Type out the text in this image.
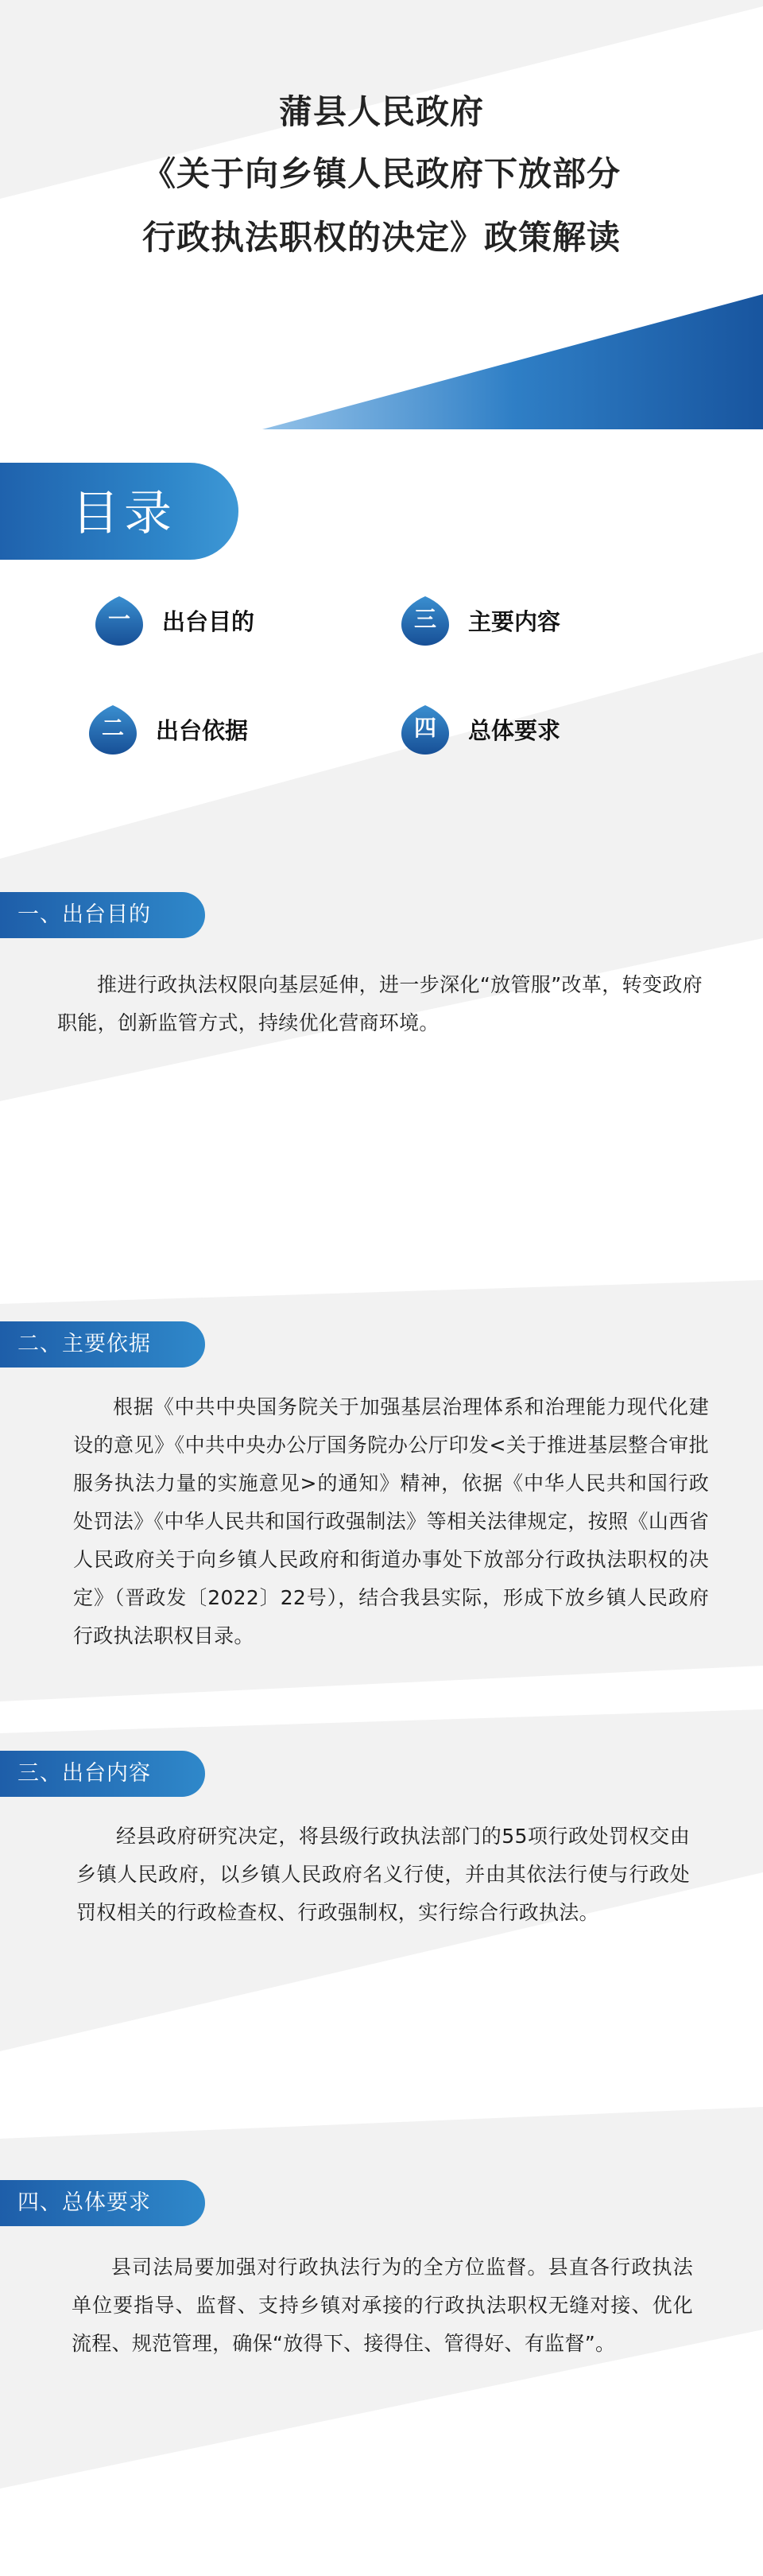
蒲县人民政府
《关于向乡镇人民政府下放部分
行政执法职权的决定》政策解读
目录
一	出台目的	三	主要内容
二	出台依据	四	总体要求
一、出台目的
推进行政执法权限向基层延伸，进一步深化“放管服”改革，转变政府职能，创新监管方式，持续优化营商环境。
二、主要依据
根据《中共中央国务院关于加强基层治理体系和治理能力现代化建设的意见》《中共中央办公厅国务院办公厅印发<关于推进基层整合审批服务执法力量的实施意见>的通知》精神，依据《中华人民共和国行政处罚法》《中华人民共和国行政强制法》等相关法律规定，按照《山西省人民政府关于向乡镇人民政府和街道办事处下放部分行政执法职权的决定》（晋政发〔2022〕22号），结合我县实际，形成下放乡镇人民政府行政执法职权目录。
三、出台内容
经县政府研究决定，将县级行政执法部门的55项行政处罚权交由乡镇人民政府，以乡镇人民政府名义行使，并由其依法行使与行政处罚权相关的行政检查权、行政强制权，实行综合行政执法。
四、总体要求
县司法局要加强对行政执法行为的全方位监督。县直各行政执法单位要指导、监督、支持乡镇对承接的行政执法职权无缝对接、优化流程、规范管理，确保“放得下、接得住、管得好、有监督”。
